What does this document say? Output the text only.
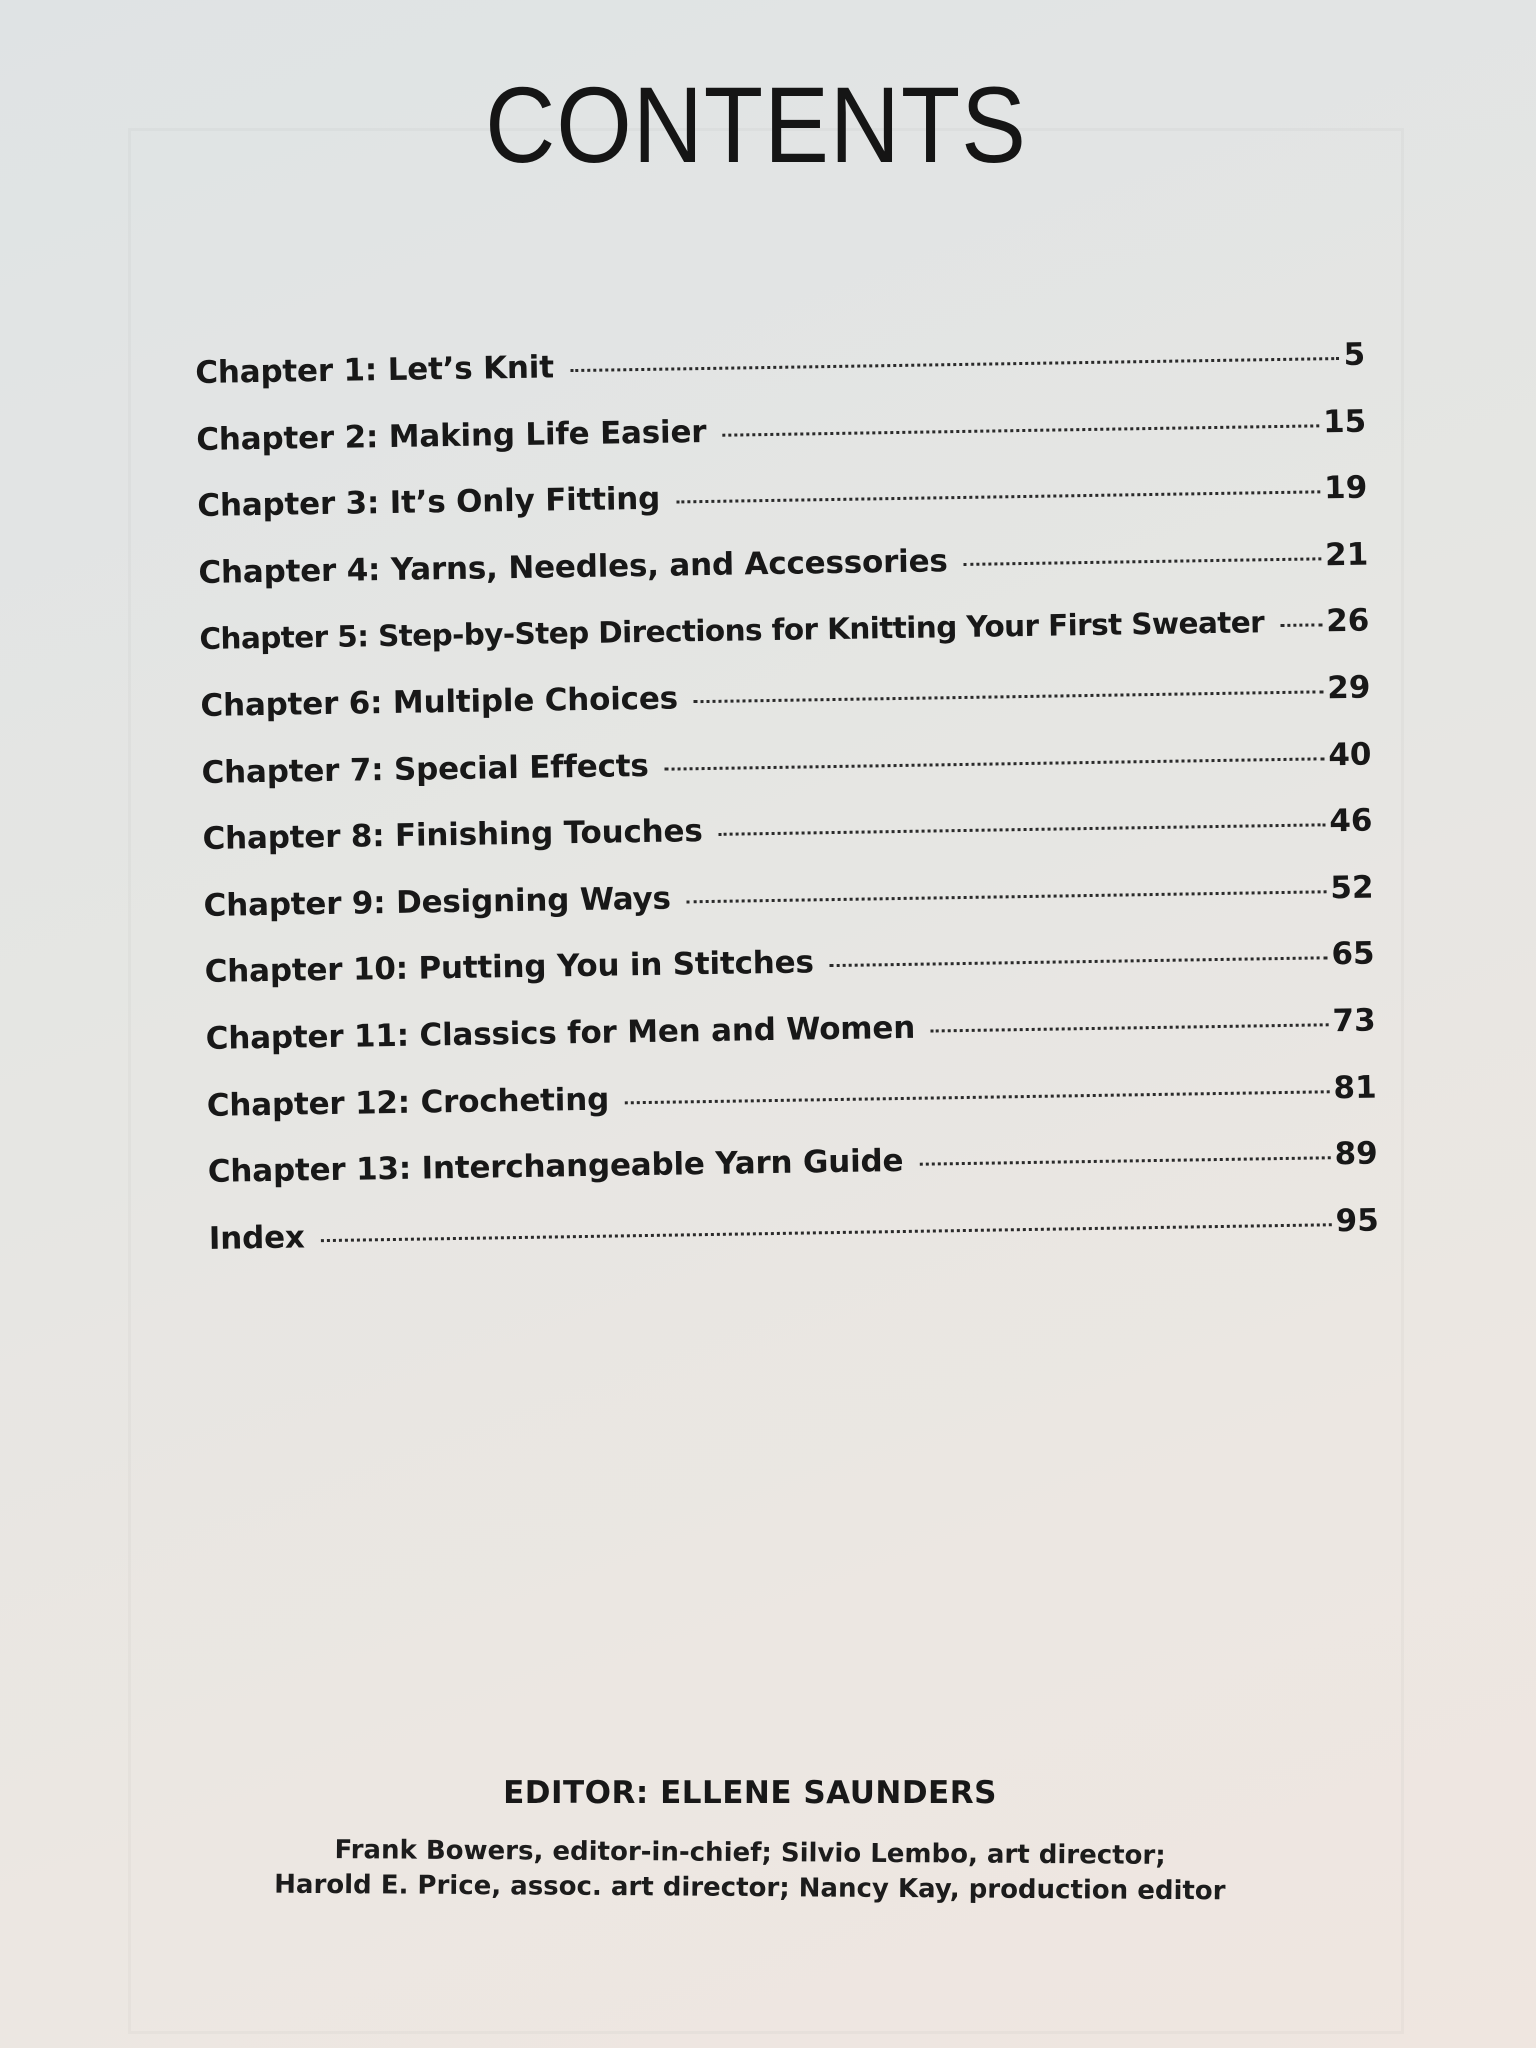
CONTENTS
Chapter 1: Let’s Knit	5
Chapter 2: Making Life Easier	15
Chapter 3: It’s Only Fitting	19
Chapter 4: Yarns, Needles, and Accessories	21
Chapter 5: Step-by-Step Directions for Knitting Your First Sweater 26
Chapter 6: Multiple Choices	29
Chapter 7: Special Effects	40
Chapter 8: Finishing Touches	46
Chapter 9: Designing Ways	52
Chapter 10: Putting You in Stitches	65
Chapter 11: Classics for Men and Women	73
Chapter 12: Crocheting	81
Chapter 13: Interchangeable Yarn Guide	89
Index	95
EDITOR: ELLENE SAUNDERS
Frank Bowers, editor-in-chief; Silvio Lembo, art director;
Harold E. Price, assoc. art director; Nancy Kay, production editor
